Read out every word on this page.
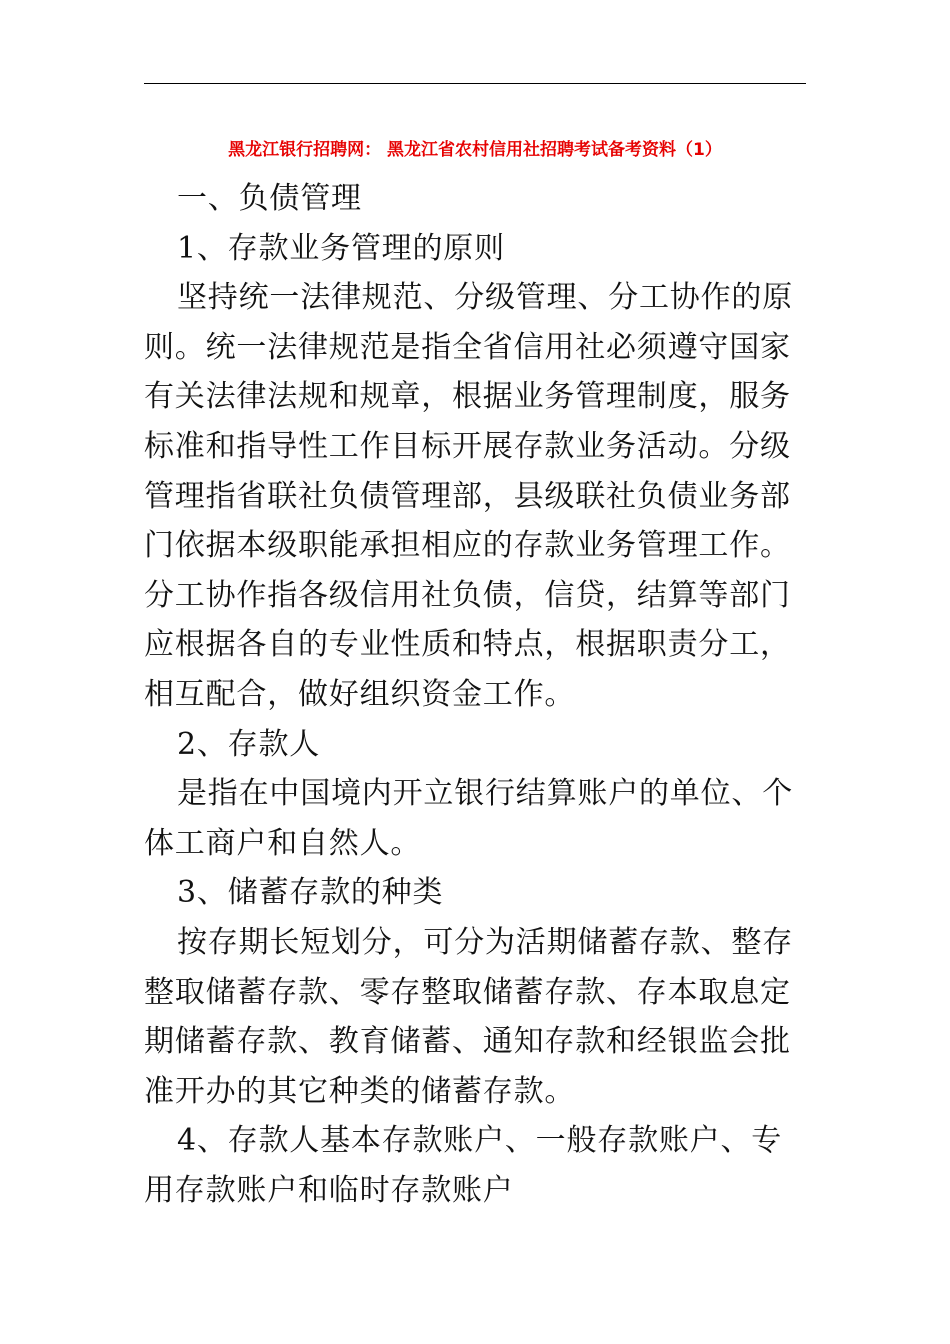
黑龙江银行招聘网： 黑龙江省农村信用社招聘考试备考资料（1）

一、负债管理

1、存款业务管理的原则

坚持统一法律规范、分级管理、分工协作的原则。统一法律规范是指全省信用社必须遵守国家有关法律法规和规章，根据业务管理制度，服务标准和指导性工作目标开展存款业务活动。分级管理指省联社负债管理部，县级联社负债业务部门依据本级职能承担相应的存款业务管理工作。分工协作指各级信用社负债，信贷，结算等部门应根据各自的专业性质和特点，根据职责分工，相互配合，做好组织资金工作。

2、存款人

是指在中国境内开立银行结算账户的单位、个体工商户和自然人。

3、储蓄存款的种类

按存期长短划分，可分为活期储蓄存款、整存整取储蓄存款、零存整取储蓄存款、存本取息定期储蓄存款、教育储蓄、通知存款和经银监会批准开办的其它种类的储蓄存款。

4、存款人基本存款账户、一般存款账户、专用存款账户和临时存款账户
